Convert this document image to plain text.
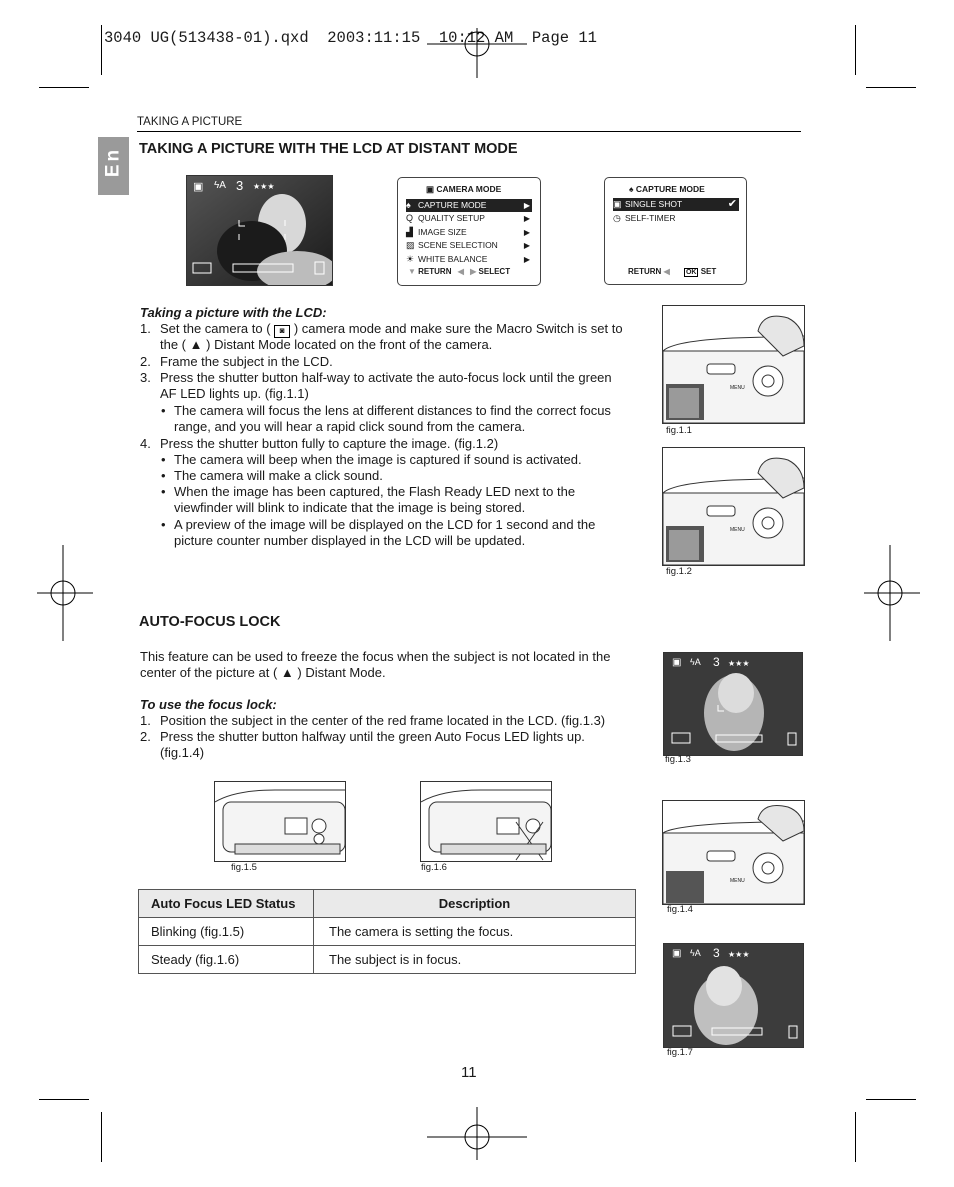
3040 UG(513438-01).qxd  2003:11:15  10:12 AM  Page 11
TAKING A PICTURE
En TAKING A PICTURE WITH THE LCD AT DISTANT MODE
▣ ϟA 3 ★★★	▣ CAMERA MODE
♠ CAPTURE MODE	▶
Q QUALITY SETUP	▶
▟ IMAGE SIZE	▶
▨ SCENE SELECTION	▶
☀ WHITE BALANCE	▶
▼ RETURN ◀ ▶ SELECT
♠ CAPTURE MODE
▣ SINGLE SHOT	✔
◷ SELF-TIMER
RETURN ◀ OK SET
Taking a picture with the LCD:
1. Set the camera to ( ◙ ) camera mode and make sure the Macro Switch is set to
the ( ▲ ) Distant Mode located on the front of the camera.
2. Frame the subject in the LCD.
3. Press the shutter button half-way to activate the auto-focus lock until the green
AF LED lights up. (fig.1.1)
• The camera will focus the lens at different distances to find the correct focus
range, and you will hear a rapid click sound from the camera.
4. Press the shutter button fully to capture the image. (fig.1.2)
• The camera will beep when the image is captured if sound is activated.
• The camera will make a click sound.
• When the image has been captured, the Flash Ready LED next to the
viewfinder will blink to indicate that the image is being stored.
• A preview of the image will be displayed on the LCD for 1 second and the
picture counter number displayed in the LCD will be updated.
MENU
fig.1.1
MENU
fig.1.2
AUTO-FOCUS LOCK
This feature can be used to freeze the focus when the subject is not located in the
center of the picture at ( ▲ ) Distant Mode.
To use the focus lock:
1. Position the subject in the center of the red frame located in the LCD. (fig.1.3)
2. Press the shutter button halfway until the green Auto Focus LED lights up.
(fig.1.4)
▣ ϟA 3 ★★★
fig.1.3
MENU
fig.1.4
fig.1.5	fig.1.6
Auto Focus LED Status	Description
Blinking (fig.1.5)	The camera is setting the focus.
Steady (fig.1.6)	The subject is in focus.	▣ ϟA 3 ★★★
fig.1.7
11
